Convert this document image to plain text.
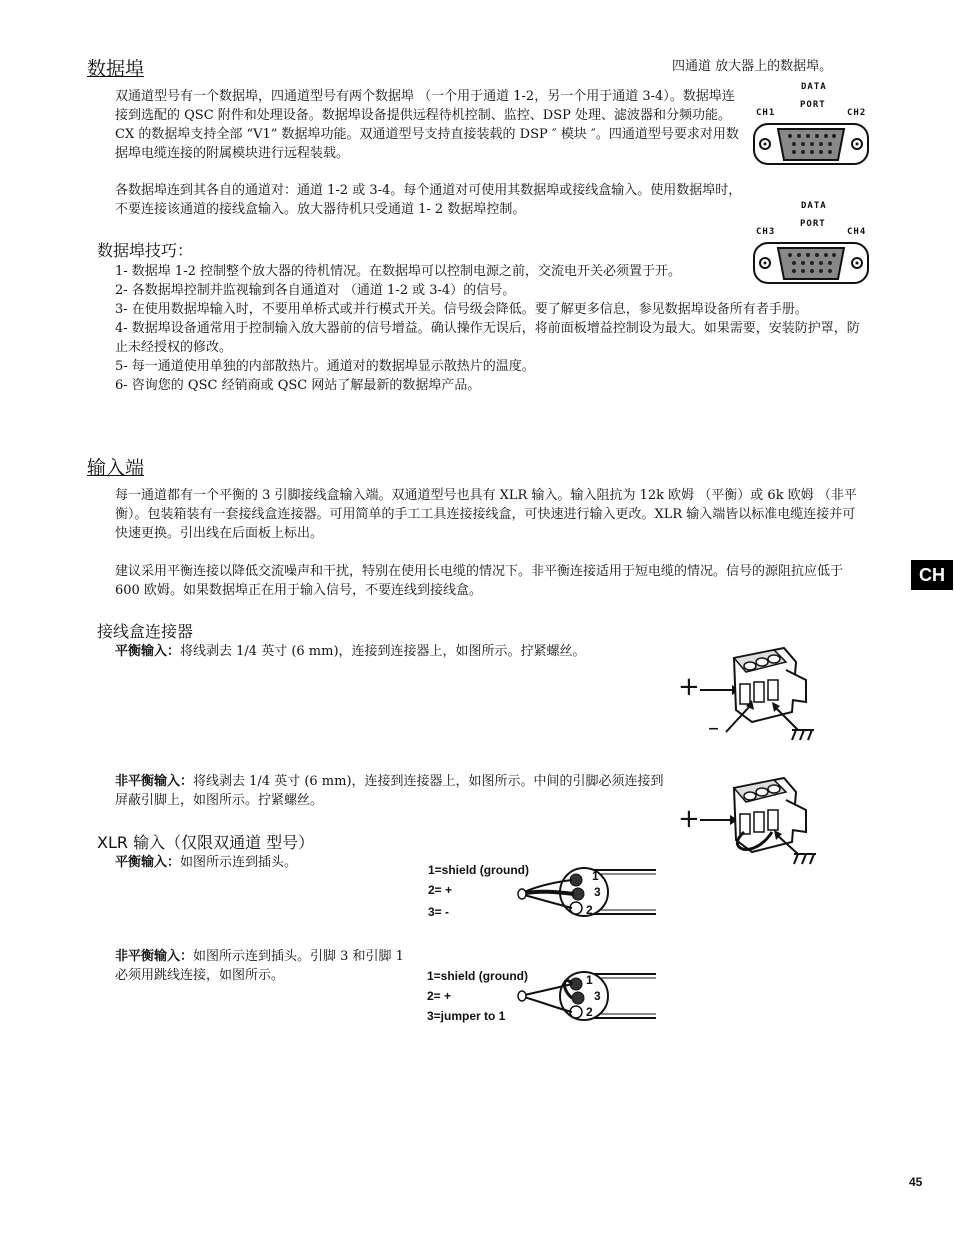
数据埠	四通道 放大器上的数据埠。
双通道型号有一个数据埠，四通道型号有两个数据埠 （一个用于通道 1-2，另一个用于通道 3-4）。数据埠连接到选配的 QSC 附件和处理设备。数据埠设备提供远程待机控制、监控、DSP 处理、滤波器和分频功能。CX 的数据埠支持全部 “V1” 数据埠功能。双通道型号支持直接装载的 DSP ″ 模块 ″。四通道型号要求对用数据埠电缆连接的附属模块进行远程装载。
各数据埠连到其各自的通道对：通道 1-2 或 3-4。每个通道对可使用其数据埠或接线盒输入。使用数据埠时，不要连接该通道的接线盒输入。放大器待机只受通道 1- 2 数据埠控制。
数据埠技巧：

1- 数据埠 1-2 控制整个放大器的待机情况。在数据埠可以控制电源之前，交流电开关必须置于开。

2- 各数据埠控制并监视输到各自通道对 （通道 1-2 或 3-4）的信号。

3- 在使用数据埠输入时，不要用单桥式或并行模式开关。信号级会降低。要了解更多信息，参见数据埠设备所有者手册。

4- 数据埠设备通常用于控制输入放大器前的信号增益。确认操作无误后，将前面板增益控制设为最大。如果需要，安装防护罩，防止未经授权的修改。

5- 每一通道使用单独的内部散热片。通道对的数据埠显示散热片的温度。

6- 咨询您的 QSC 经销商或 QSC 网站了解最新的数据埠产品。

DATA
PORT
CH1	CH2
DATA
PORT
CH3	CH4
输入端
每一通道都有一个平衡的 3 引脚接线盒输入端。双通道型号也具有 XLR 输入。输入阻抗为 12k 欧姆 （平衡）或 6k 欧姆 （非平衡）。包装箱装有一套接线盒连接器。可用简单的手工工具连接接线盒，可快速进行输入更改。XLR 输入端皆以标准电缆连接并可快速更换。引出线在后面板上标出。
建议采用平衡连接以降低交流噪声和干扰，特别在使用长电缆的情况下。非平衡连接适用于短电缆的情况。信号的源阻抗应低于 600 欧姆。如果数据埠正在用于输入信号，不要连线到接线盒。
CH
接线盒连接器
平衡输入：将线剥去 1/4 英寸 (6 mm)，连接到连接器上，如图所示。拧紧螺丝。
+
–
非平衡输入：将线剥去 1/4 英寸 (6 mm)，连接到连接器上，如图所示。中间的引脚必须连接到屏蔽引脚上，如图所示。拧紧螺丝。
+
XLR 输入（仅限双通道 型号）
平衡输入：如图所示连到插头。
非平衡输入：如图所示连到插头。引脚 3 和引脚 1 必须用跳线连接，如图所示。
1=shield (ground)
2= +
3= -
1
3
2
1=shield (ground)
2= +
3=jumper to 1
1
3
2
45
